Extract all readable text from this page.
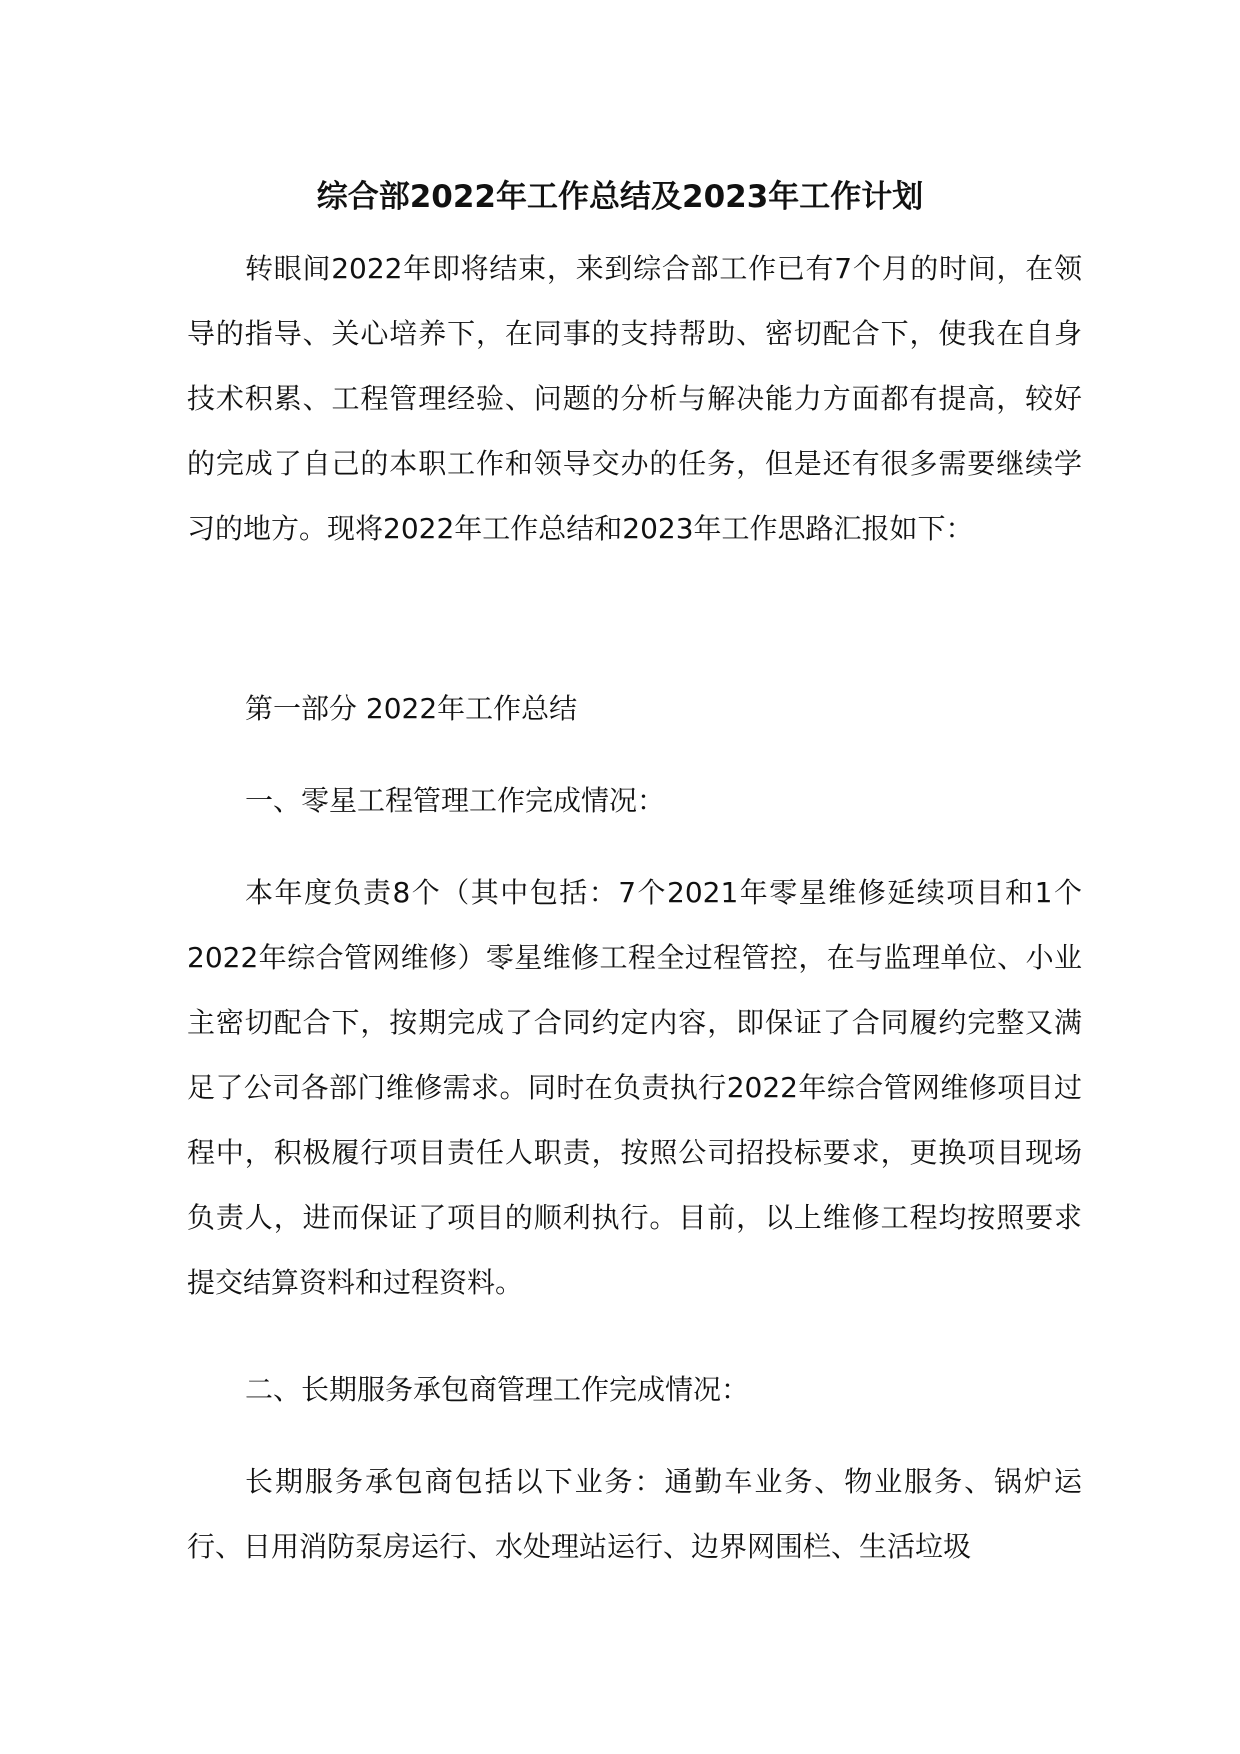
综合部2022年工作总结及2023年工作计划

转眼间2022年即将结束，来到综合部工作已有7个月的时间，在领导的指导、关心培养下，在同事的支持帮助、密切配合下，使我在自身技术积累、工程管理经验、问题的分析与解决能力方面都有提高，较好的完成了自己的本职工作和领导交办的任务，但是还有很多需要继续学习的地方。现将2022年工作总结和2023年工作思路汇报如下：

第一部分 2022年工作总结

一、零星工程管理工作完成情况：

本年度负责8个（其中包括：7个2021年零星维修延续项目和1个2022年综合管网维修）零星维修工程全过程管控，在与监理单位、小业主密切配合下，按期完成了合同约定内容，即保证了合同履约完整又满足了公司各部门维修需求。同时在负责执行2022年综合管网维修项目过程中，积极履行项目责任人职责，按照公司招投标要求，更换项目现场负责人，进而保证了项目的顺利执行。目前，以上维修工程均按照要求提交结算资料和过程资料。

二、长期服务承包商管理工作完成情况：

长期服务承包商包括以下业务：通勤车业务、物业服务、锅炉运行、日用消防泵房运行、水处理站运行、边界网围栏、生活垃圾
